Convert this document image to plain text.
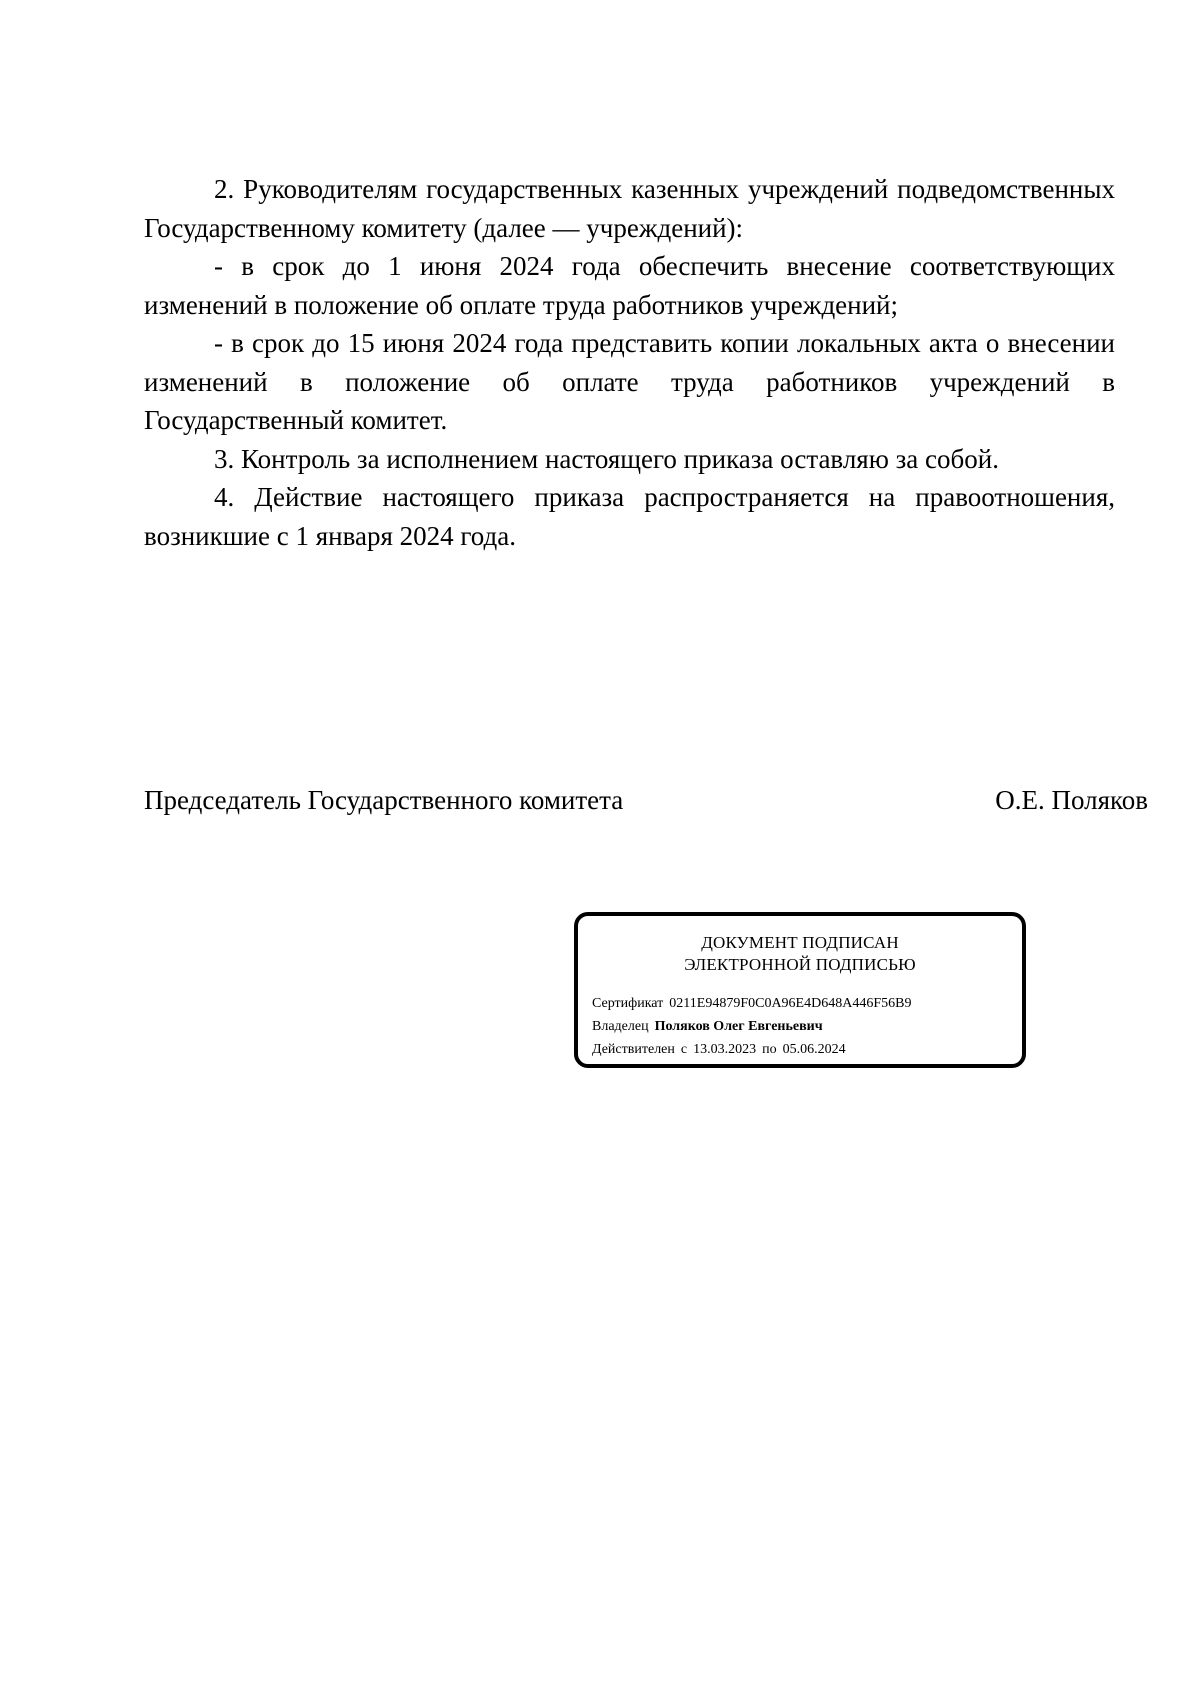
2. Руководителям государственных казенных учреждений подведомственных Государственному комитету (далее — учреждений):

- в срок до 1 июня 2024 года обеспечить внесение соответствующих изменений в положение об оплате труда работников учреждений;

- в срок до 15 июня 2024 года представить копии локальных акта о внесении изменений в положение об оплате труда работников учреждений в Государственный комитет.

3. Контроль за исполнением настоящего приказа оставляю за собой.

4. Действие настоящего приказа распространяется на правоотношения, возникшие с 1 января 2024 года.

Председатель Государственного комитета	О.Е. Поляков
ДОКУМЕНТ ПОДПИСАН
ЭЛЕКТРОННОЙ ПОДПИСЬЮ
Сертификат 0211E94879F0C0A96E4D648A446F56B9
Владелец Поляков Олег Евгеньевич
Действителен с 13.03.2023 по 05.06.2024
